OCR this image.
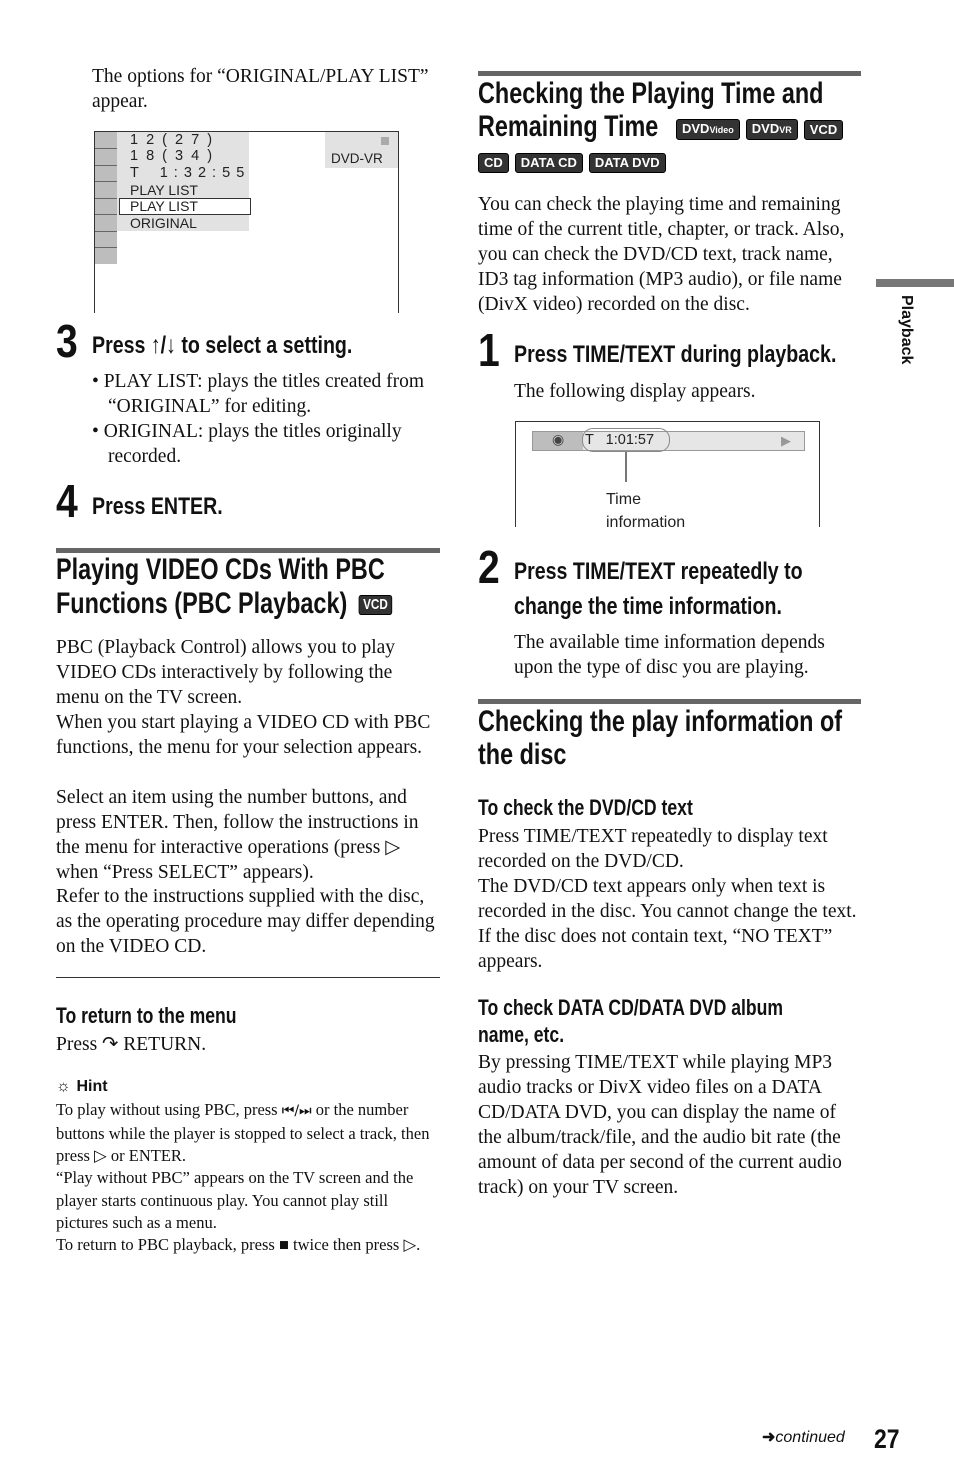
The options for “ORIGINAL/PLAY LIST” appear.
1 2 ( 2 7 )
1 8 ( 3 4 )
T    1 : 3 2 : 5 5
PLAY LIST
PLAY LIST
ORIGINAL
DVD-VR
3 Press ↑/↓ to select a setting.
• PLAY LIST: plays the titles created from “ORIGINAL” for editing.
• ORIGINAL: plays the titles originally recorded.
4 Press ENTER.
Playing VIDEO CDs With PBC
Functions (PBC Playback) VCD
PBC (Playback Control) allows you to play VIDEO CDs interactively by following the menu on the TV screen.
When you start playing a VIDEO CD with PBC functions, the menu for your selection appears.
Select an item using the number buttons, and press ENTER. Then, follow the instructions in the menu for interactive operations (press ▷ when “Press SELECT” appears).
Refer to the instructions supplied with the disc, as the operating procedure may differ depending on the VIDEO CD.
To return to the menu
Press ↷ RETURN.
☼ Hint
To play without using PBC, press ⏮/⏭ or the number buttons while the player is stopped to select a track, then press ▷ or ENTER.
“Play without PBC” appears on the TV screen and the player starts continuous play. You cannot play still pictures such as a menu.
To return to PBC playback, press ■ twice then press ▷.
Checking the Playing Time and
Remaining Time	DVDVideo DVDVR VCD
CD DATA CD DATA DVD
You can check the playing time and remaining time of the current title, chapter, or track. Also, you can check the DVD/CD text, track name, ID3 tag information (MP3 audio), or file name (DivX video) recorded on the disc.
1 Press TIME/TEXT during playback.
The following display appears.
◉ T   1:01:57	▶
Time
information
2 Press TIME/TEXT repeatedly to
change the time information.
The available time information depends upon the type of disc you are playing.
Checking the play information of
the disc
To check the DVD/CD text
Press TIME/TEXT repeatedly to display text recorded on the DVD/CD.
The DVD/CD text appears only when text is recorded in the disc. You cannot change the text. If the disc does not contain text, “NO TEXT” appears.
To check DATA CD/DATA DVD album
name, etc.
By pressing TIME/TEXT while playing MP3 audio tracks or DivX video files on a DATA CD/DATA DVD, you can display the name of the album/track/file, and the audio bit rate (the amount of data per second of the current audio track) on your TV screen.
Playback
➜continued 27
